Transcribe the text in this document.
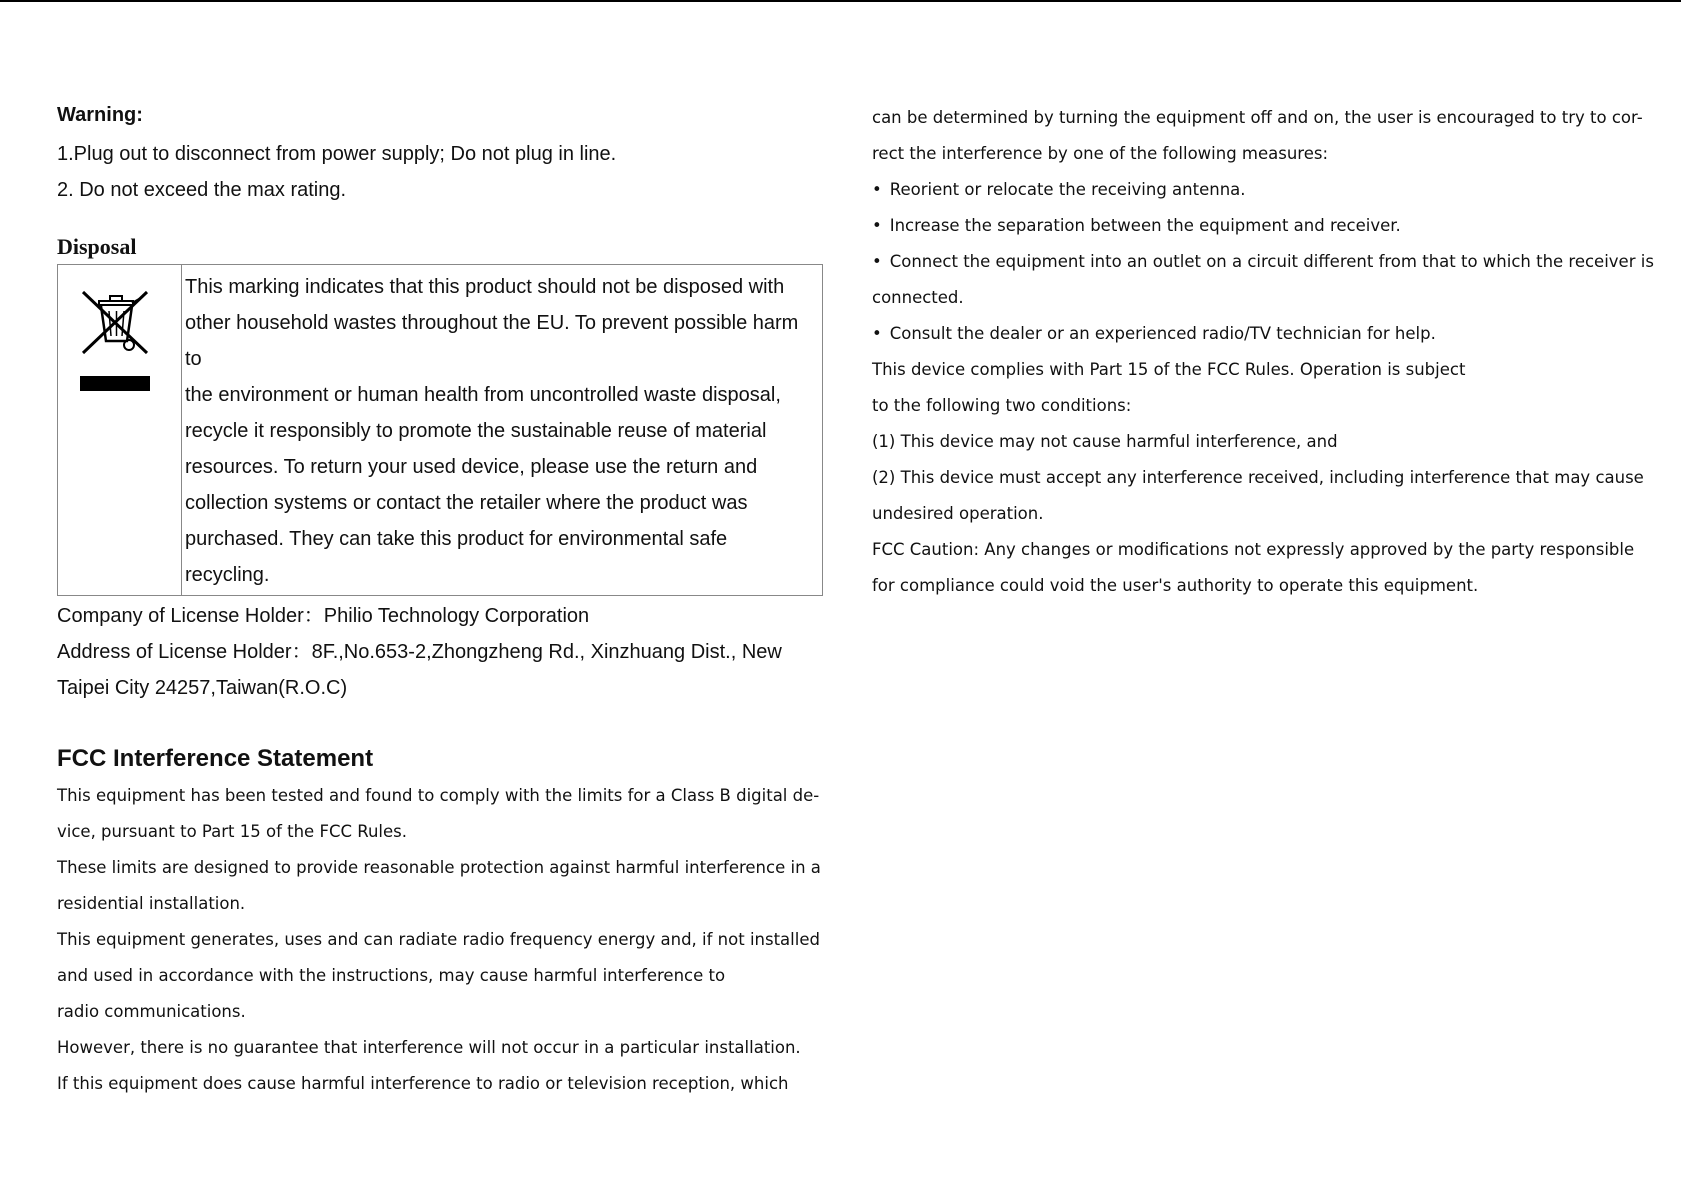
Warning:

1.Plug out to disconnect from power supply; Do not plug in line.

2. Do not exceed the max rating.

Disposal

This marking indicates that this product should not be disposed with
other household wastes throughout the EU. To prevent possible harm to
the environment or human health from uncontrolled waste disposal,
recycle it responsibly to promote the sustainable reuse of material
resources. To return your used device, please use the return and
collection systems or contact the retailer where the product was
purchased. They can take this product for environmental safe recycling.

Company of License Holder：Philio Technology Corporation

Address of License Holder：8F.,No.653-2,Zhongzheng Rd., Xinzhuang Dist., New

Taipei City 24257,Taiwan(R.O.C)

FCC Interference Statement

This equipment has been tested and found to comply with the limits for a Class B digital de-

vice, pursuant to Part 15 of the FCC Rules.

These limits are designed to provide reasonable protection against harmful interference in a

residential installation.

This equipment generates, uses and can radiate radio frequency energy and, if not installed

and used in accordance with the instructions, may cause harmful interference to

radio communications.

However, there is no guarantee that interference will not occur in a particular installation.

If this equipment does cause harmful interference to radio or television reception, which

can be determined by turning the equipment off and on, the user is encouraged to try to cor-

rect the interference by one of the following measures:

• Reorient or relocate the receiving antenna.

• Increase the separation between the equipment and receiver.

• Connect the equipment into an outlet on a circuit different from that to which the receiver is

connected.

• Consult the dealer or an experienced radio/TV technician for help.

This device complies with Part 15 of the FCC Rules. Operation is subject

to the following two conditions:

(1) This device may not cause harmful interference, and

(2) This device must accept any interference received, including interference that may cause

undesired operation.

FCC Caution: Any changes or modifications not expressly approved by the party responsible

for compliance could void the user's authority to operate this equipment.
